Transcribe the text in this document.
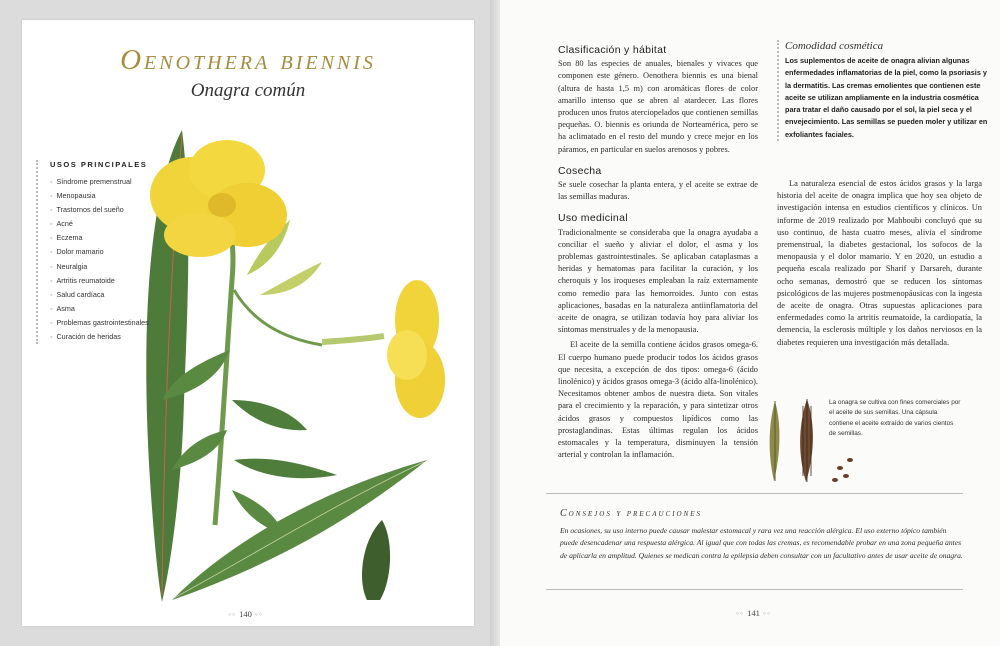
Oenothera biennis
Onagra común
USOS PRINCIPALES
◦ Síndrome premenstrual
◦ Menopausia
◦ Trastornos del sueño
◦ Acné
◦ Eczema
◦ Dolor mamario
◦ Neuralgia
◦ Artritis reumatoide
◦ Salud cardíaca
◦ Asma
◦ Problemas gastrointestinales
◦ Curación de heridas
◦◦ 140 ◦◦
Clasificación y hábitat

Son 80 las especies de anuales, bienales y vivaces que componen este género. Oenothera biennis es una bienal (altura de hasta 1,5 m) con aromáticas flores de color amarillo intenso que se abren al atardecer. Las flores producen unos frutos aterciopelados que contienen semillas pequeñas. O. biennis es oriunda de Norteamérica, pero se ha aclimatado en el resto del mundo y crece mejor en los páramos, en particular en suelos arenosos y pobres.

Cosecha

Se suele cosechar la planta entera, y el aceite se extrae de las semillas maduras.

Uso medicinal

Tradicionalmente se consideraba que la onagra ayudaba a conciliar el sueño y aliviar el dolor, el asma y los problemas gastrointestinales. Se aplicaban cataplasmas a heridas y hematomas para facilitar la curación, y los cheroquis y los iroqueses empleaban la raíz externamente como remedio para las hemorroides. Junto con estas aplicaciones, basadas en la naturaleza antiinflamatoria del aceite de onagra, se utilizan todavía hoy para aliviar los síntomas menstruales y de la menopausia.

El aceite de la semilla contiene ácidos grasos omega-6. El cuerpo humano puede producir todos los ácidos grasos que necesita, a excepción de dos tipos: omega-6 (ácido linolénico) y ácidos grasos omega-3 (ácido alfa-linolénico). Necesitamos obtener ambos de nuestra dieta. Son vitales para el crecimiento y la reparación, y para sintetizar otros ácidos grasos y compuestos lipídicos como las prostaglandinas. Estas últimas regulan los ácidos estomacales y la temperatura, disminuyen la tensión arterial y controlan la inflamación.

Comodidad cosmética

Los suplementos de aceite de onagra alivian algunas enfermedades inflamatorias de la piel, como la psoriasis y la dermatitis. Las cremas emolientes que contienen este aceite se utilizan ampliamente en la industria cosmética para tratar el daño causado por el sol, la piel seca y el envejecimiento. Las semillas se pueden moler y utilizar en exfoliantes faciales.

La naturaleza esencial de estos ácidos grasos y la larga historia del aceite de onagra implica que hoy sea objeto de investigación intensa en estudios científicos y clínicos. Un informe de 2019 realizado por Mahboubi concluyó que su uso continuo, de hasta cuatro meses, alivia el síndrome premenstrual, la diabetes gestacional, los sofocos de la menopausia y el dolor mamario. Y en 2020, un estudio a pequeña escala realizado por Sharif y Darsareh, durante ocho semanas, demostró que se reducen los síntomas psicológicos de las mujeres postmenopáusicas con la ingesta de aceite de onagra. Otras supuestas aplicaciones para enfermedades como la artritis reumatoide, la cardiopatía, la demencia, la esclerosis múltiple y los daños nerviosos en la diabetes requieren una investigación más detallada.

La onagra se cultiva con fines comerciales por el aceite de sus semillas. Una cápsula contiene el aceite extraído de varios cientos de semillas.
Consejos y precauciones

En ocasiones, su uso interno puede causar malestar estomacal y rara vez una reacción alérgica. El uso externo tópico también puede desencadenar una respuesta alérgica. Al igual que con todas las cremas, es recomendable probar en una zona pequeña antes de aplicarla en amplitud. Quienes se medican contra la epilepsia deben consultar con un facultativo antes de usar aceite de onagra.

◦◦ 141 ◦◦
